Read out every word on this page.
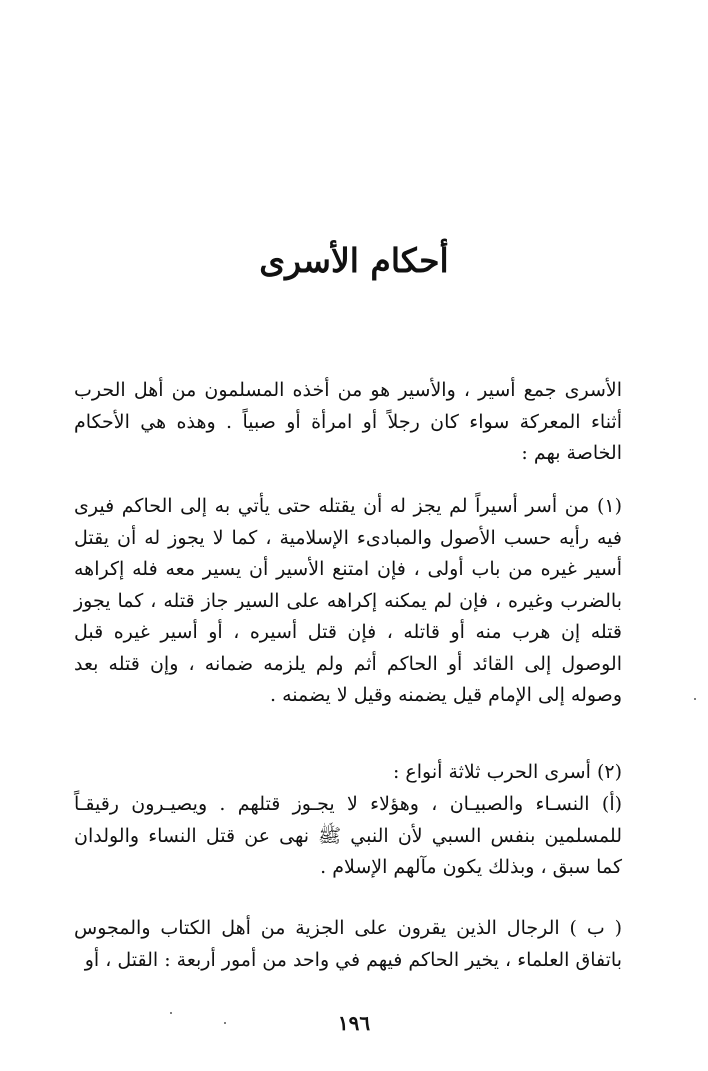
أحكام الأسرى

الأسرى جمع أسير ، والأسير هو من أخذه المسلمون من أهل الحرب أثناء المعركة سواء كان رجلاً أو امرأة أو صبياً . وهذه هي الأحكام الخاصة بهم :

(١) من أسر أسيراً لم يجز له أن يقتله حتى يأتي به إلى الحاكم فيرى فيه رأيه حسب الأصول والمبادىء الإسلامية ، كما لا يجوز له أن يقتل أسير غيره من باب أولى ، فإن امتنع الأسير أن يسير معه فله إكراهه بالضرب وغيره ، فإن لم يمكنه إكراهه على السير جاز قتله ، كما يجوز قتله إن هرب منه أو قاتله ، فإن قتل أسيره ، أو أسير غيره قبل الوصول إلى القائد أو الحاكم أثم ولم يلزمه ضمانه ، وإن قتله بعد وصوله إلى الإمام قيل يضمنه وقيل لا يضمنه .

(٢) أسرى الحرب ثلاثة أنواع :

(أ) النسـاء والصبيـان ، وهؤلاء لا يجـوز قتلهم . ويصيـرون رقيقـاً للمسلمين بنفس السبي لأن النبي ﷺ نهى عن قتل النساء والولدان كما سبق ، وبذلك يكون مآلهم الإسلام .

( ب ) الرجال الذين يقرون على الجزية من أهل الكتاب والمجوس باتفاق العلماء ، يخير الحاكم فيهم في واحد من أمور أربعة : القتل ، أو

١٩٦
